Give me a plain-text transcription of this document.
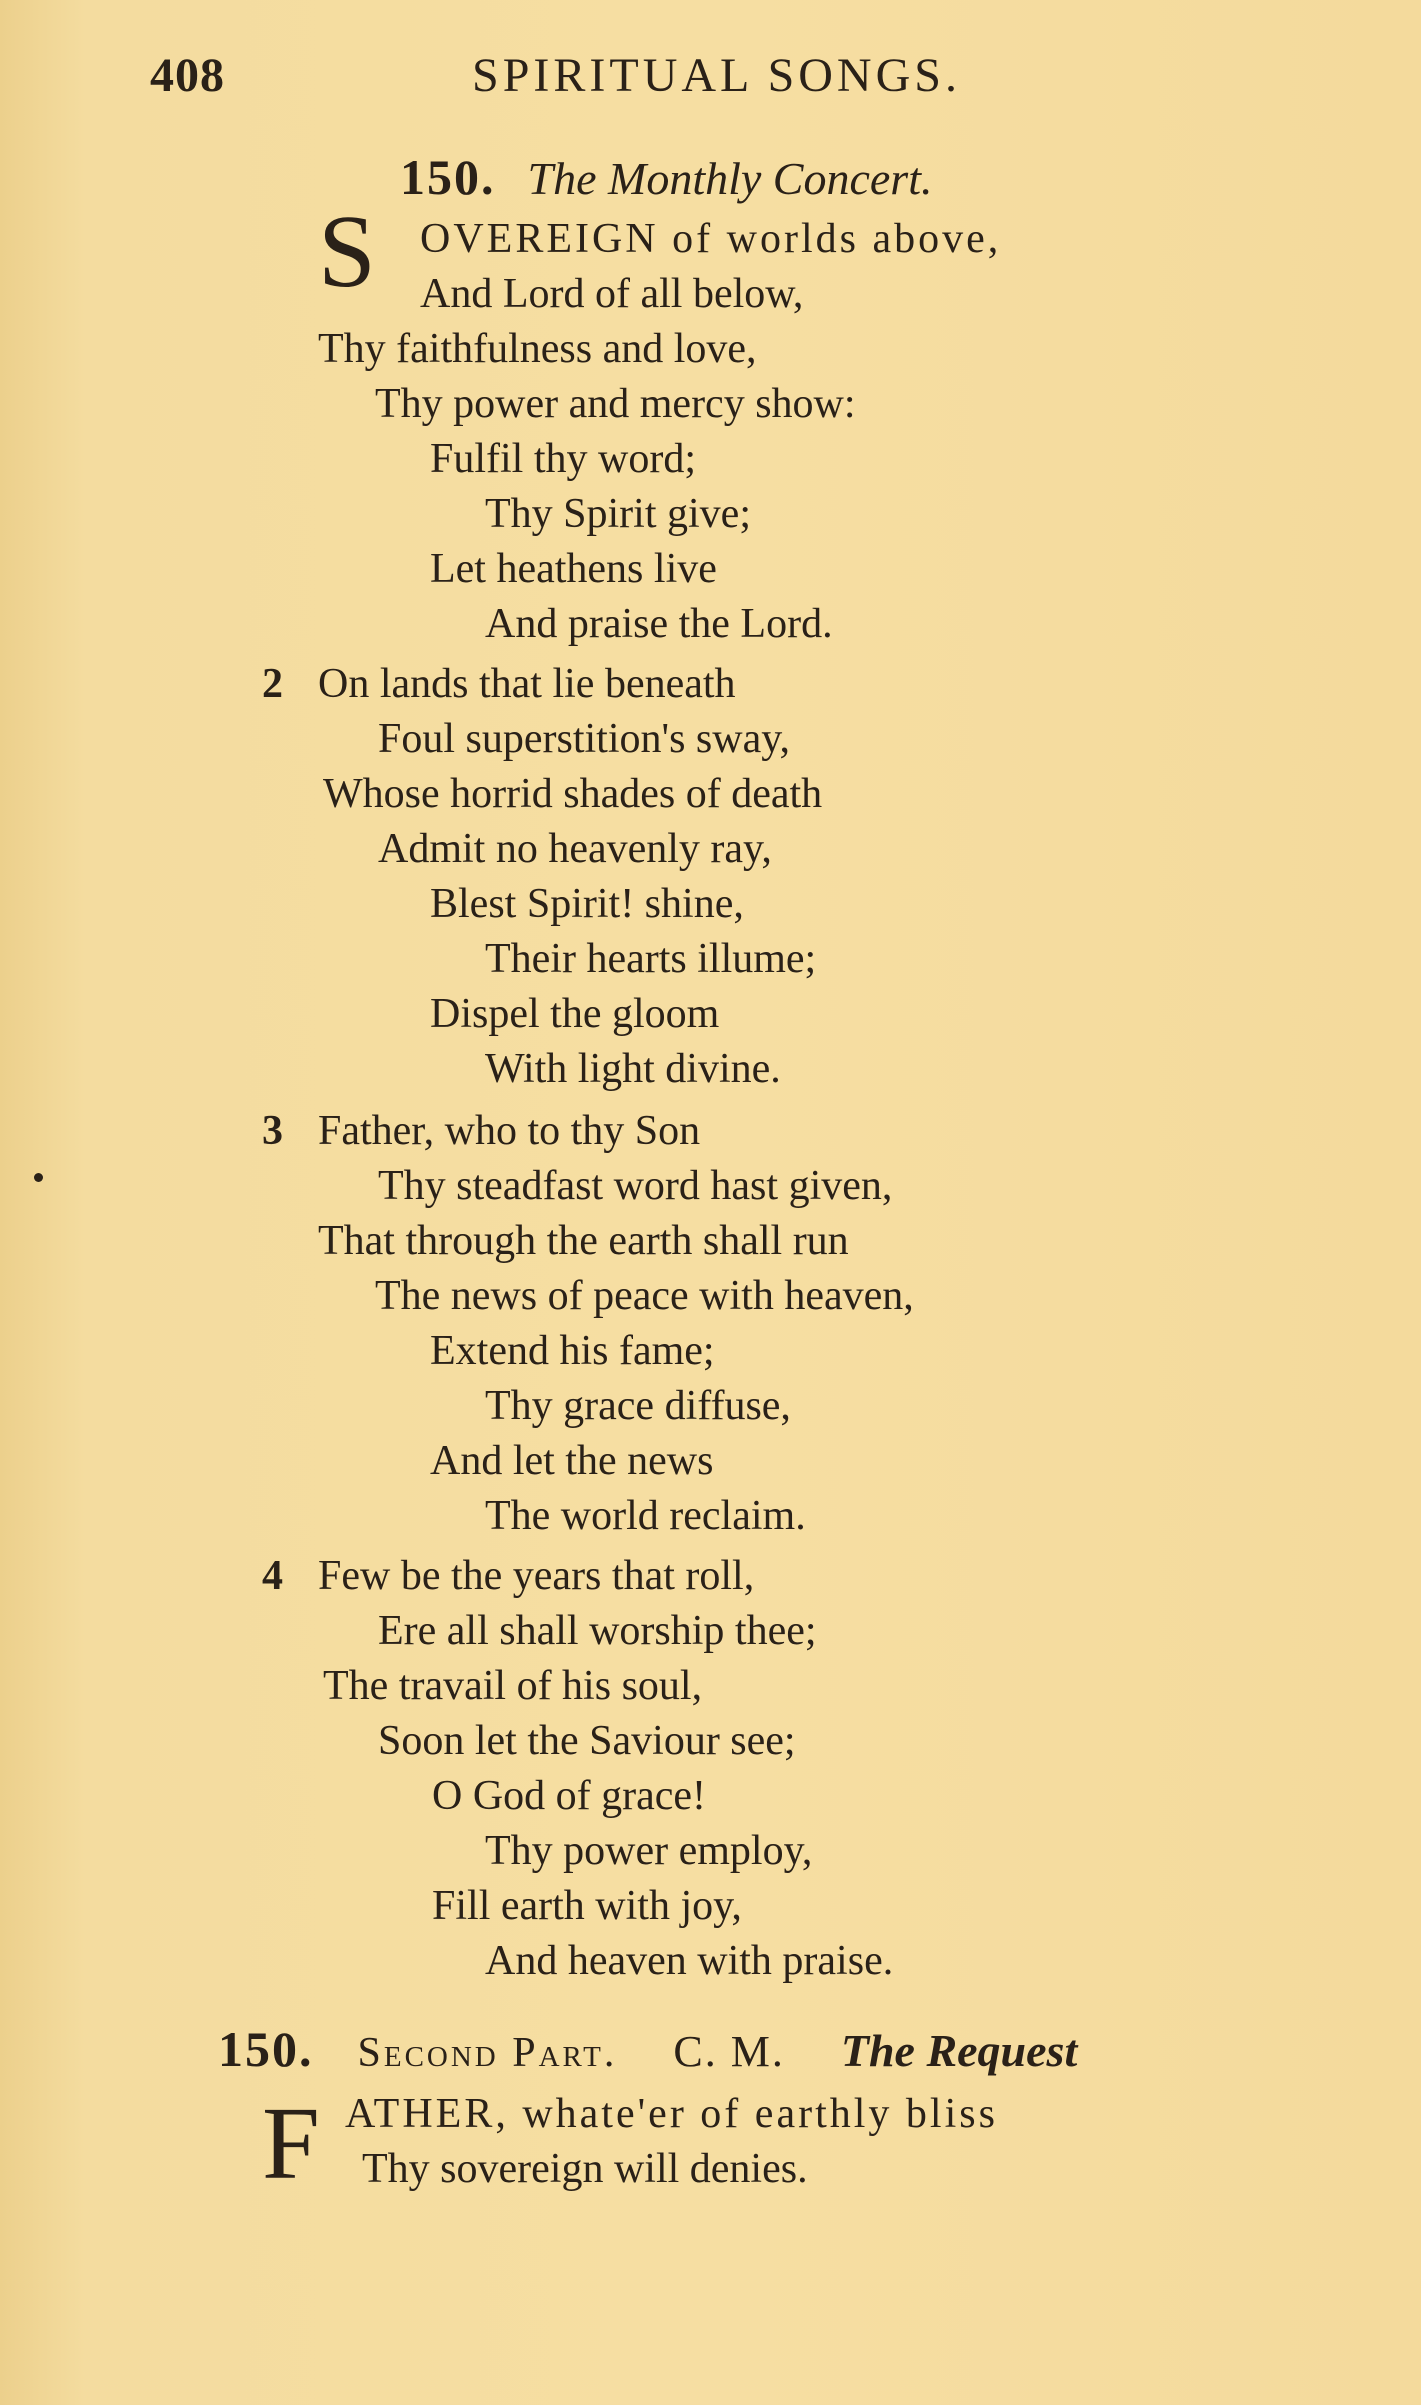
408	SPIRITUAL SONGS.
150. The Monthly Concert.
S OVEREIGN of worlds above,
And Lord of all below,
Thy faithfulness and love,
Thy power and mercy show:
Fulfil thy word;
Thy Spirit give;
Let heathens live
And praise the Lord.
2 On lands that lie beneath
Foul superstition's sway,
Whose horrid shades of death
Admit no heavenly ray,
Blest Spirit! shine,
Their hearts illume;
Dispel the gloom
With light divine.
3 Father, who to thy Son
Thy steadfast word hast given,
That through the earth shall run
The news of peace with heaven,
Extend his fame;
Thy grace diffuse,
And let the news
The world reclaim.
4 Few be the years that roll,
Ere all shall worship thee;
The travail of his soul,
Soon let the Saviour see;
O God of grace!
Thy power employ,
Fill earth with joy,
And heaven with praise.
150. Second Part. C. M. The Request
F ATHER, whate'er of earthly bliss
Thy sovereign will denies.
